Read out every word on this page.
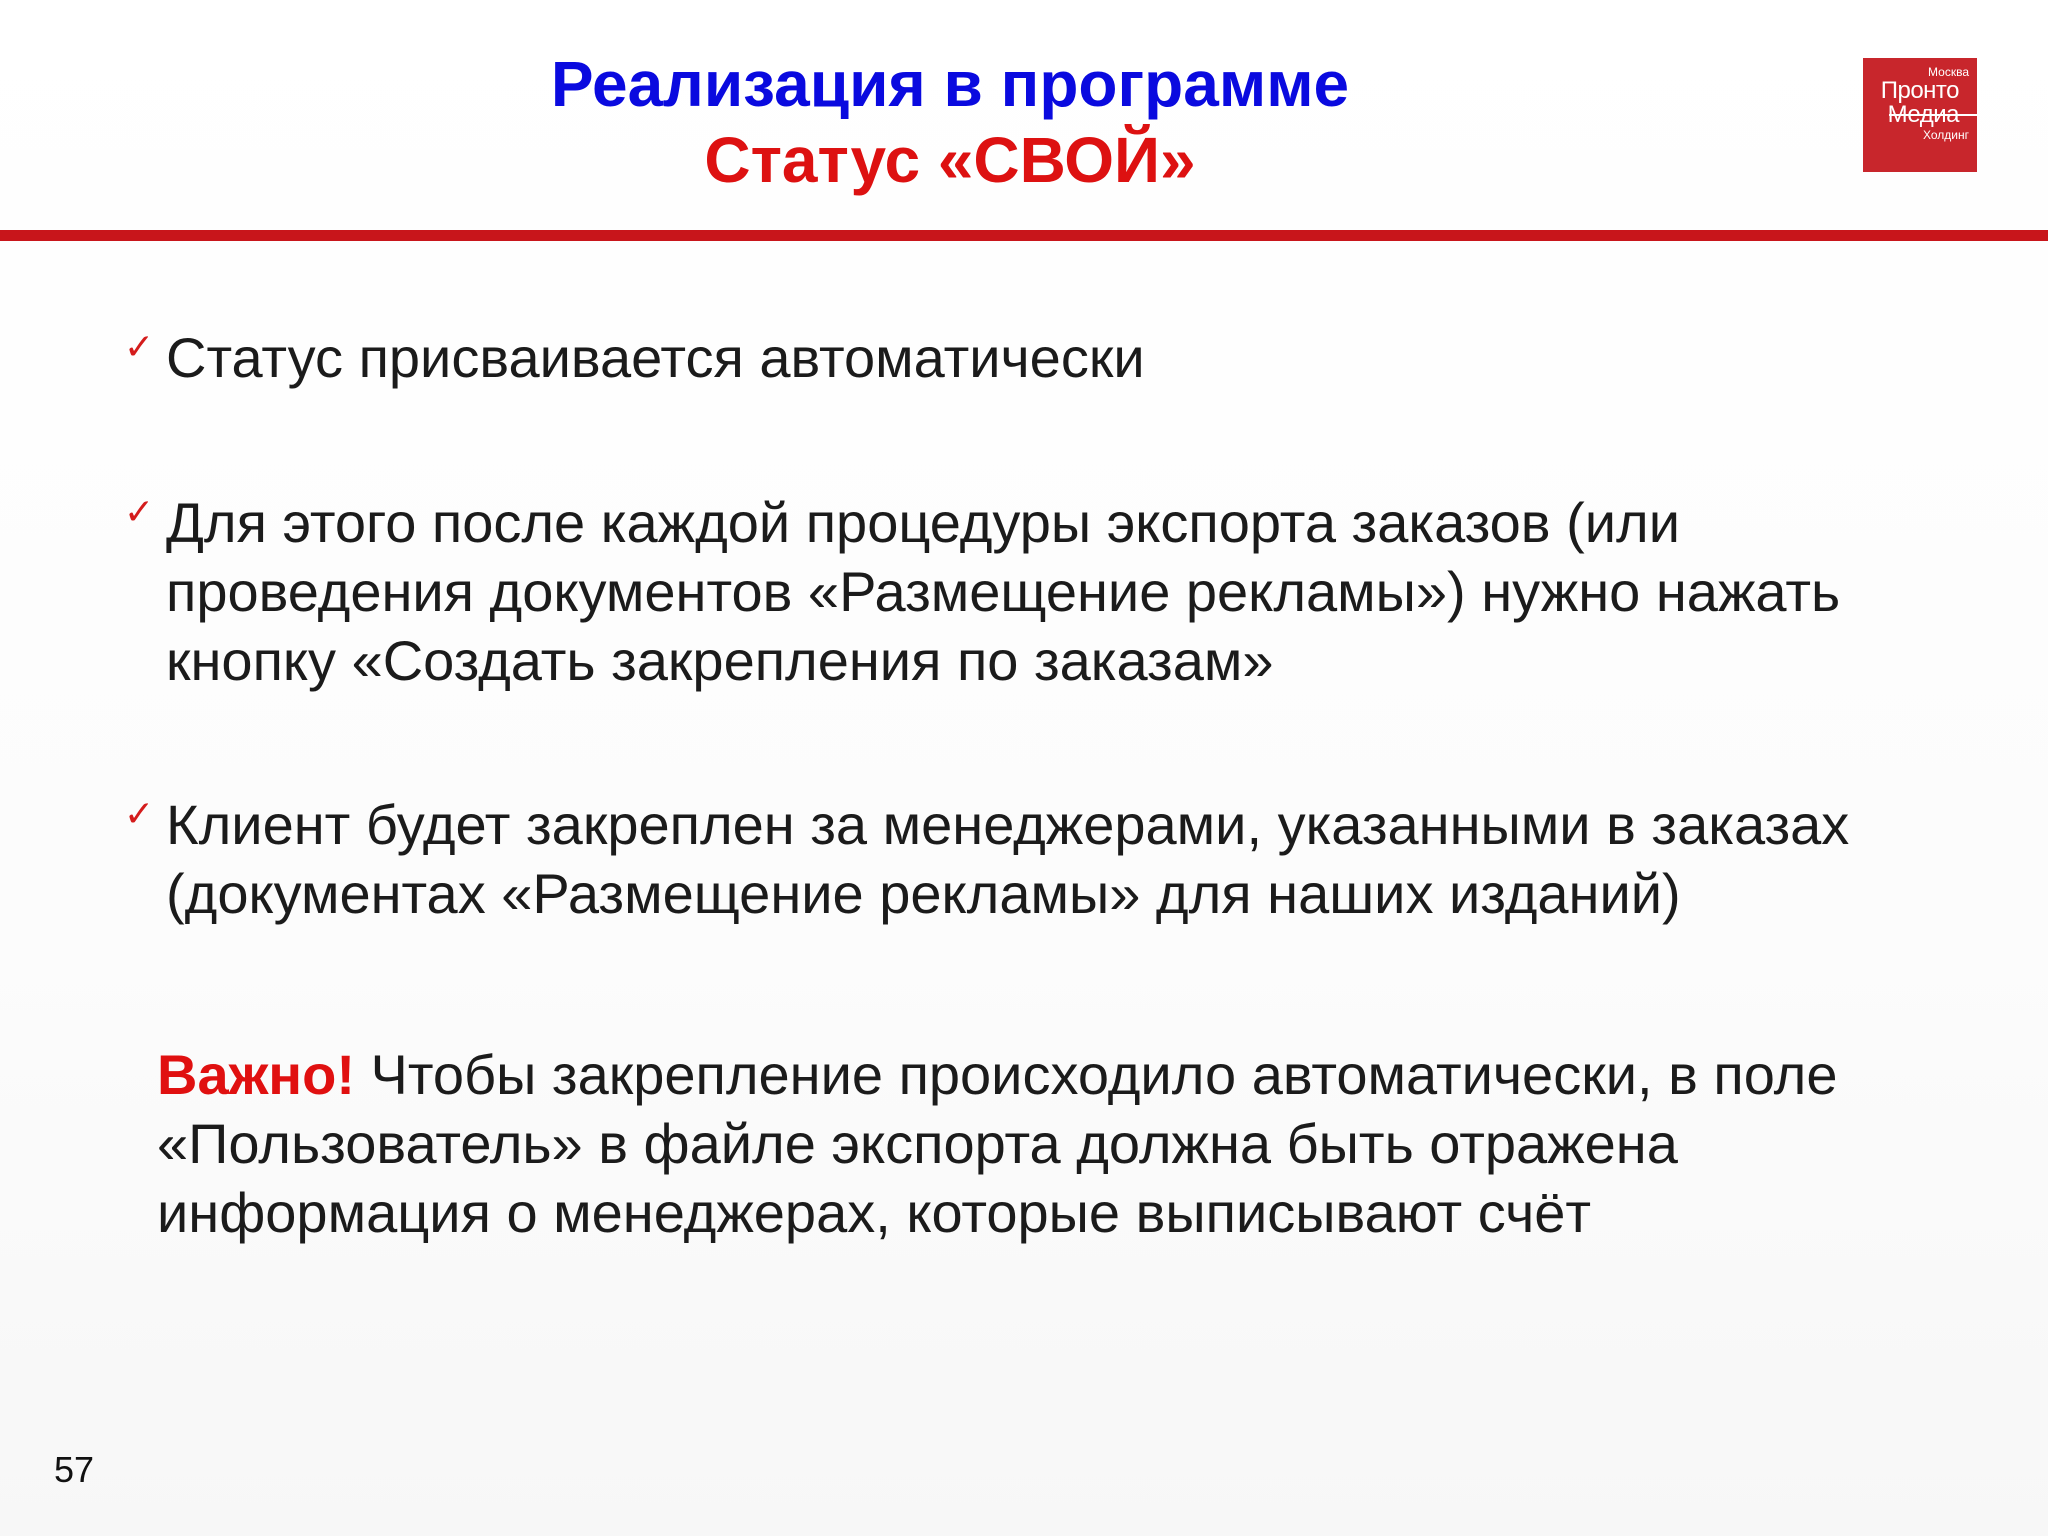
Реализация в программе
Статус «СВОЙ»
Москва
Пронто
Медиа
Холдинг
✓ Статус присваивается автоматически
✓ Для этого после каждой процедуры экспорта заказов (или проведения документов «Размещение рекламы») нужно нажать кнопку «Создать закрепления по заказам»
✓ Клиент будет закреплен за менеджерами, указанными в заказах (документах «Размещение рекламы» для наших изданий)
Важно! Чтобы закрепление происходило автоматически, в поле «Пользователь» в файле экспорта должна быть отражена информация о менеджерах, которые выписывают счёт
57
